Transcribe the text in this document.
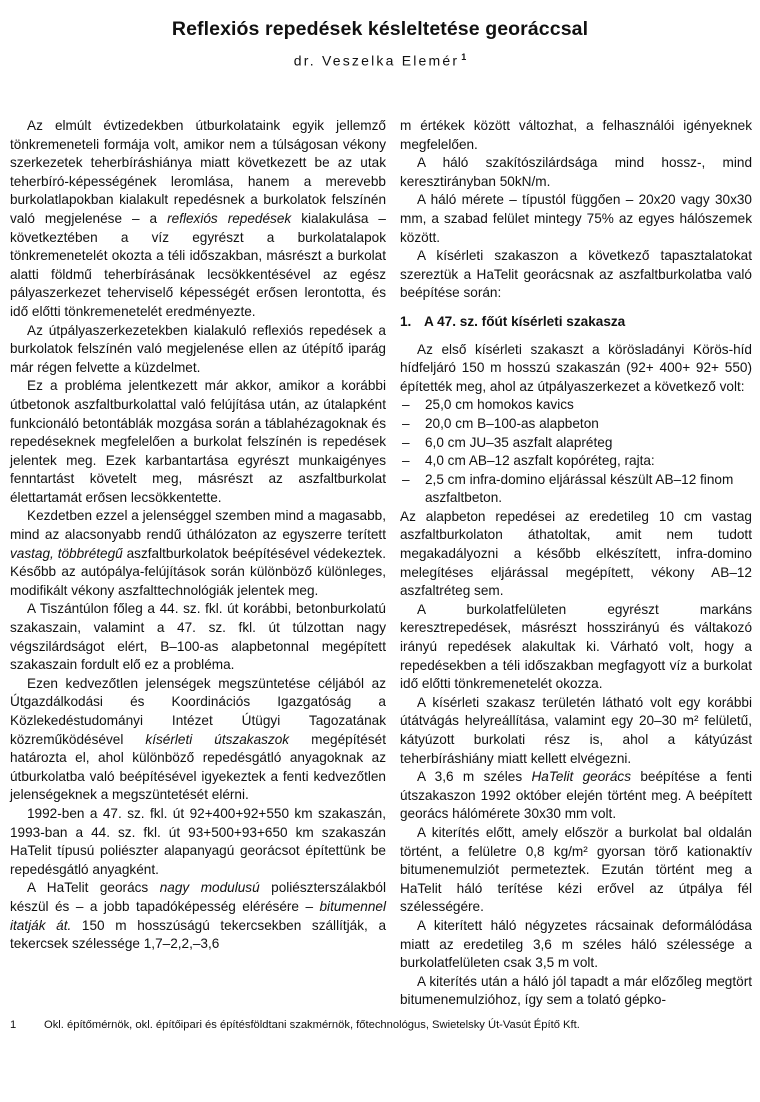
Reflexiós repedések késleltetése georáccsal
dr. Veszelka Elemér $^1$

Az elmúlt évtizedekben útburkolataink egyik jellemző tönkremeneteli formája volt, amikor nem a túlságosan vékony szerkezetek teherbíráshiánya miatt következett be az utak teherbíró-képességének leromlása, hanem a merevebb burkolatlapokban kialakult repedésnek a burkolatok felszínén való megjelenése – a reflexiós repedések kialakulása – következtében a víz egyrészt a burkolatalapok tönkremenetelét okozta a téli időszakban, másrészt a burkolat alatti földmű teherbírásának lecsökkentésével az egész pályaszerkezet teherviselő képességét erősen lerontotta, és idő előtti tönkremenetelét eredményezte.

Az útpályaszerkezetekben kialakuló reflexiós repedések a burkolatok felszínén való megjelenése ellen az útépítő iparág már régen felvette a küzdelmet.

Ez a probléma jelentkezett már akkor, amikor a korábbi útbetonok aszfaltburkolattal való felújítása után, az útalapként funkcionáló betontáblák mozgása során a táblahézagoknak és repedéseknek megfelelően a burkolat felszínén is repedések jelentek meg. Ezek karbantartása egyrészt munkaigényes fenntartást követelt meg, másrészt az aszfaltburkolat élettartamát erősen lecsökkentette.

Kezdetben ezzel a jelenséggel szemben mind a magasabb, mind az alacsonyabb rendű úthálózaton az egyszerre terített vastag, többrétegű aszfaltburkolatok beépítésével védekeztek. Később az autópálya-felújítások során különböző különleges, modifikált vékony aszfalttechnológiák jelentek meg.

A Tiszántúlon főleg a 44. sz. fkl. út korábbi, betonburkolatú szakaszain, valamint a 47. sz. fkl. út túlzottan nagy végszilárdságot elért, B–100-as alapbetonnal megépített szakaszain fordult elő ez a probléma.

Ezen kedvezőtlen jelenségek megszüntetése céljából az Útgazdálkodási és Koordinációs Igazgatóság a Közlekedéstudományi Intézet Útügyi Tagozatának közreműködésével kísérleti útszakaszok megépítését határozta el, ahol különböző repedésgátló anyagoknak az útburkolatba való beépítésével igyekeztek a fenti kedvezőtlen jelenségeknek a megszüntetését elérni.

1992-ben a 47. sz. fkl. út 92+400+92+550 km szakaszán, 1993-ban a 44. sz. fkl. út 93+500+93+650 km szakaszán HaTelit típusú poliészter alapanyagú georácsot építettünk be repedésgátló anyagként.

A HaTelit georács nagy modulusú poliészterszálakból készül és – a jobb tapadóképesség elérésére – bitumennel itatják át. 150 m hosszúságú tekercsekben szállítják, a tekercsek szélessége 1,7–2,2,–3,6

m értékek között változhat, a felhasználói igényeknek megfelelően.

A háló szakítószilárdsága mind hossz-, mind keresztirányban 50kN/m.

A háló mérete – típustól függően – 20x20 vagy 30x30 mm, a szabad felület mintegy 75% az egyes hálószemek között.

A kísérleti szakaszon a következő tapasztalatokat szereztük a HaTelit georácsnak az aszfaltburkolatba való beépítése során:

1. A 47. sz. főút kísérleti szakasza

Az első kísérleti szakaszt a körösladányi Körös-híd hídfeljáró 150 m hosszú szakaszán (92+ 400+ 92+ 550) építették meg, ahol az útpályaszerkezet a következő volt:

– 25,0 cm homokos kavics
– 20,0 cm B–100-as alapbeton
– 6,0 cm JU–35 aszfalt alapréteg
– 4,0 cm AB–12 aszfalt kopóréteg, rajta:
– 2,5 cm infra-domino eljárással készült AB–12 finom aszfaltbeton.

Az alapbeton repedései az eredetileg 10 cm vastag aszfaltburkolaton áthatoltak, amit nem tudott megakadályozni a később elkészített, infra-domino melegítéses eljárással megépített, vékony AB–12 aszfaltréteg sem.

A burkolatfelületen egyrészt markáns keresztrepedések, másrészt hosszirányú és váltakozó irányú repedések alakultak ki. Várható volt, hogy a repedésekben a téli időszakban megfagyott víz a burkolat idő előtti tönkremenetelét okozza.

A kísérleti szakasz területén látható volt egy korábbi útátvágás helyreállítása, valamint egy 20–30 m² felületű, kátyúzott burkolati rész is, ahol a kátyúzást teherbíráshiány miatt kellett elvégezni.

A 3,6 m széles HaTelit georács beépítése a fenti útszakaszon 1992 október elején történt meg. A beépített georács hálómérete 30x30 mm volt.

A kiterítés előtt, amely először a burkolat bal oldalán történt, a felületre 0,8 kg/m² gyorsan törő kationaktív bitumenemulziót permeteztek. Ezután történt meg a HaTelit háló terítése kézi erővel az útpálya fél szélességére.

A kiterített háló négyzetes rácsainak deformálódása miatt az eredetileg 3,6 m széles háló szélessége a burkolatfelületen csak 3,5 m volt.

A kiterítés után a háló jól tapadt a már előzőleg megtört bitumenemulzióhoz, így sem a tolató gépko-

1 Okl. építőmérnök, okl. építőipari és építésföldtani szakmérnök, főtechnológus, Swietelsky Út-Vasút Építő Kft.
